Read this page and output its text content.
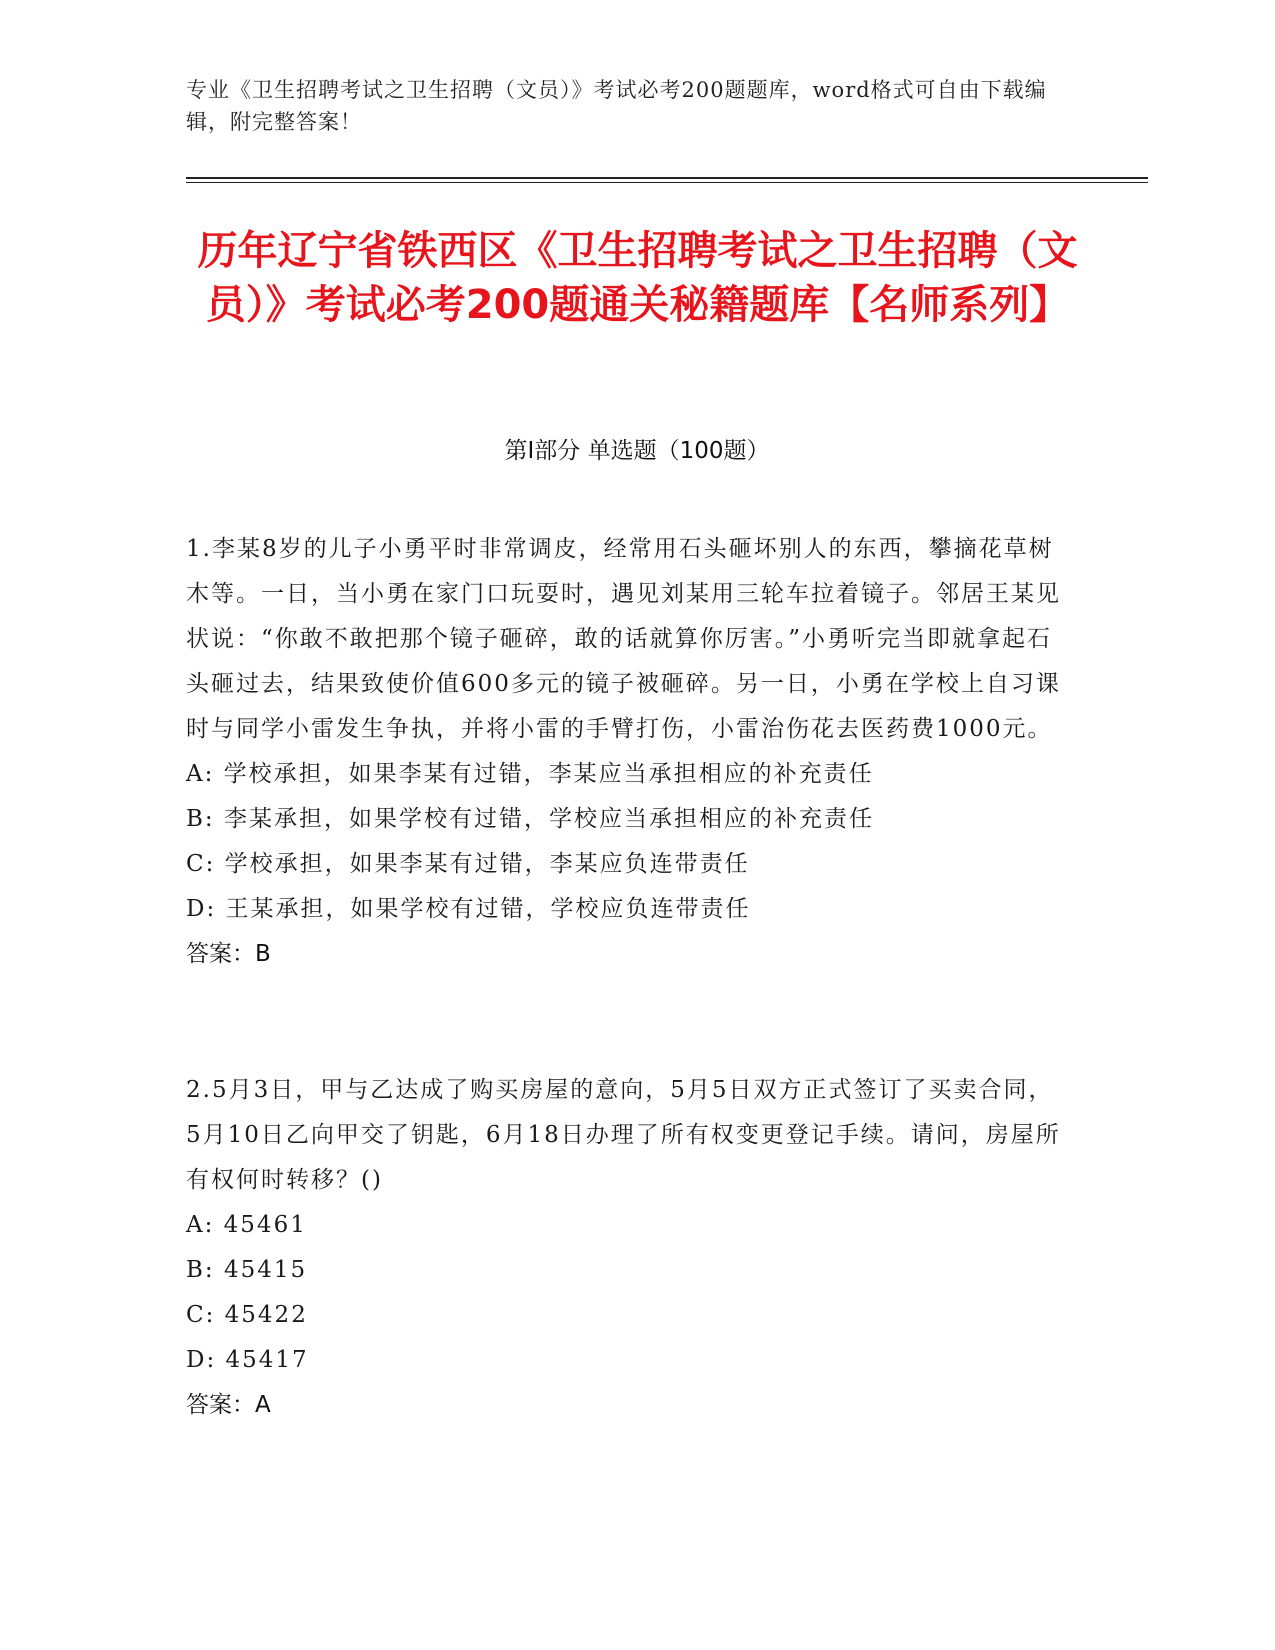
专业《卫生招聘考试之卫生招聘（文员）》考试必考200题题库，word格式可自由下载编辑，附完整答案！
历年辽宁省铁西区《卫生招聘考试之卫生招聘（文员）》考试必考200题通关秘籍题库【名师系列】
第Ⅰ部分 单选题（100题）

1.李某8岁的儿子小勇平时非常调皮，经常用石头砸坏别人的东西，攀摘花草树木等。一日，当小勇在家门口玩耍时，遇见刘某用三轮车拉着镜子。邻居王某见状说：“你敢不敢把那个镜子砸碎，敢的话就算你厉害。”小勇听完当即就拿起石头砸过去，结果致使价值600多元的镜子被砸碎。另一日，小勇在学校上自习课时与同学小雷发生争执，并将小雷的手臂打伤，小雷治伤花去医药费1000元。

A: 学校承担，如果李某有过错，李某应当承担相应的补充责任

B: 李某承担，如果学校有过错，学校应当承担相应的补充责任

C: 学校承担，如果李某有过错，李某应负连带责任

D: 王某承担，如果学校有过错，学校应负连带责任

答案：B

2.5月3日，甲与乙达成了购买房屋的意向，5月5日双方正式签订了买卖合同，5月10日乙向甲交了钥匙，6月18日办理了所有权变更登记手续。请问，房屋所有权何时转移？()

A: 45461

B: 45415

C: 45422

D: 45417

答案：A
